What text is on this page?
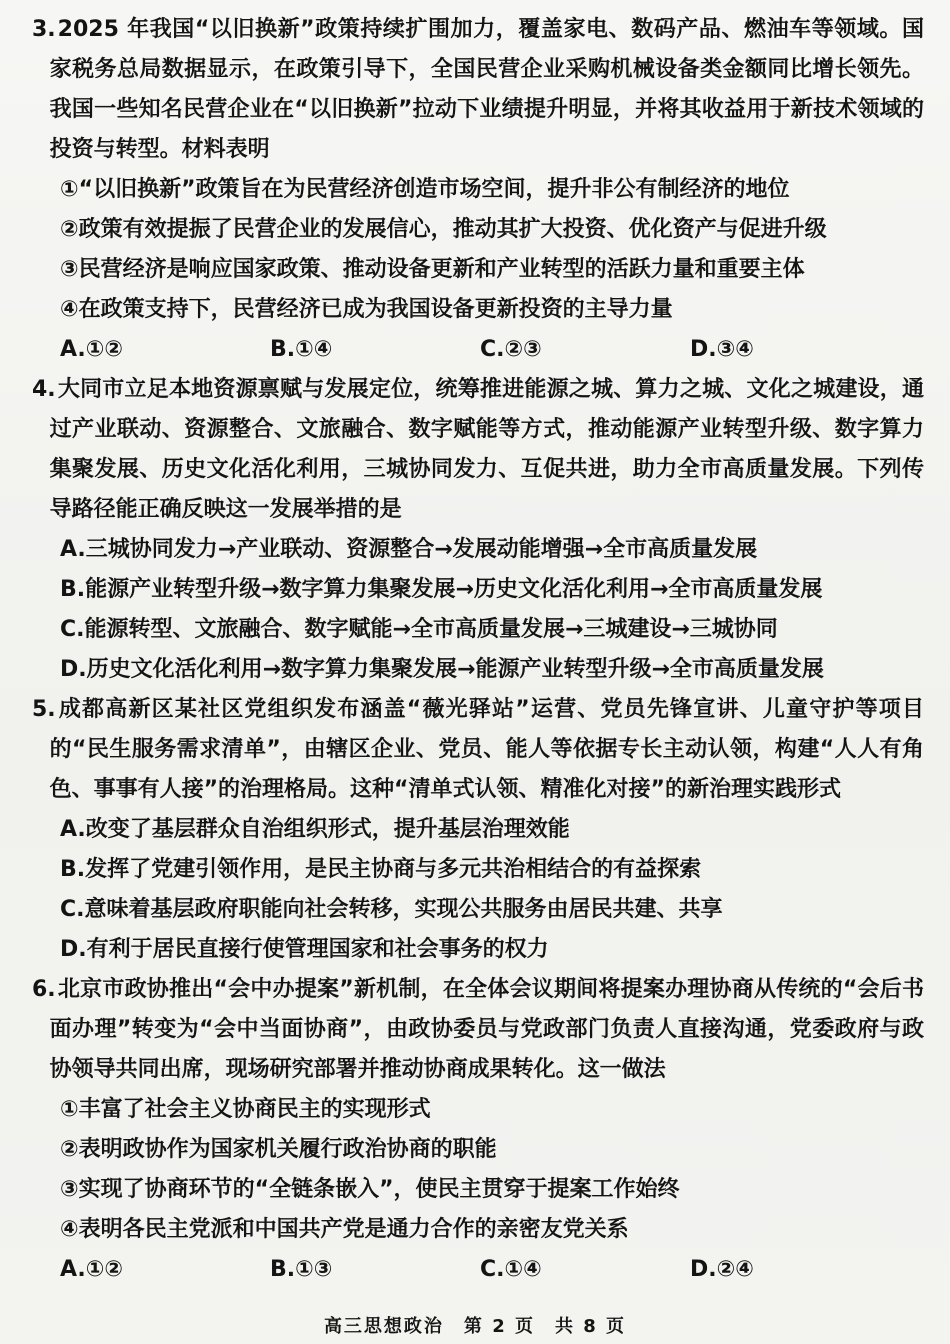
3.2025 年我国“以旧换新”政策持续扩围加力，覆盖家电、数码产品、燃油车等领域。国家税务总局数据显示，在政策引导下，全国民营企业采购机械设备类金额同比增长领先。我国一些知名民营企业在“以旧换新”拉动下业绩提升明显，并将其收益用于新技术领域的投资与转型。材料表明

①“以旧换新”政策旨在为民营经济创造市场空间，提升非公有制经济的地位

②政策有效提振了民营企业的发展信心，推动其扩大投资、优化资产与促进升级

③民营经济是响应国家政策、推动设备更新和产业转型的活跃力量和重要主体

④在政策支持下，民营经济已成为我国设备更新投资的主导力量

A.①②	B.①④	C.②③	D.③④

4.大同市立足本地资源禀赋与发展定位，统筹推进能源之城、算力之城、文化之城建设，通过产业联动、资源整合、文旅融合、数字赋能等方式，推动能源产业转型升级、数字算力集聚发展、历史文化活化利用，三城协同发力、互促共进，助力全市高质量发展。下列传导路径能正确反映这一发展举措的是

A.三城协同发力→产业联动、资源整合→发展动能增强→全市高质量发展

B.能源产业转型升级→数字算力集聚发展→历史文化活化利用→全市高质量发展

C.能源转型、文旅融合、数字赋能→全市高质量发展→三城建设→三城协同

D.历史文化活化利用→数字算力集聚发展→能源产业转型升级→全市高质量发展

5.成都高新区某社区党组织发布涵盖“薇光驿站”运营、党员先锋宣讲、儿童守护等项目的“民生服务需求清单”，由辖区企业、党员、能人等依据专长主动认领，构建“人人有角色、事事有人接”的治理格局。这种“清单式认领、精准化对接”的新治理实践形式

A.改变了基层群众自治组织形式，提升基层治理效能

B.发挥了党建引领作用，是民主协商与多元共治相结合的有益探索

C.意味着基层政府职能向社会转移，实现公共服务由居民共建、共享

D.有利于居民直接行使管理国家和社会事务的权力

6.北京市政协推出“会中办提案”新机制，在全体会议期间将提案办理协商从传统的“会后书面办理”转变为“会中当面协商”，由政协委员与党政部门负责人直接沟通，党委政府与政协领导共同出席，现场研究部署并推动协商成果转化。这一做法

①丰富了社会主义协商民主的实现形式

②表明政协作为国家机关履行政治协商的职能

③实现了协商环节的“全链条嵌入”，使民主贯穿于提案工作始终

④表明各民主党派和中国共产党是通力合作的亲密友党关系

A.①②	B.①③	C.①④	D.②④
高三思想政治　第 2 页　共 8 页
